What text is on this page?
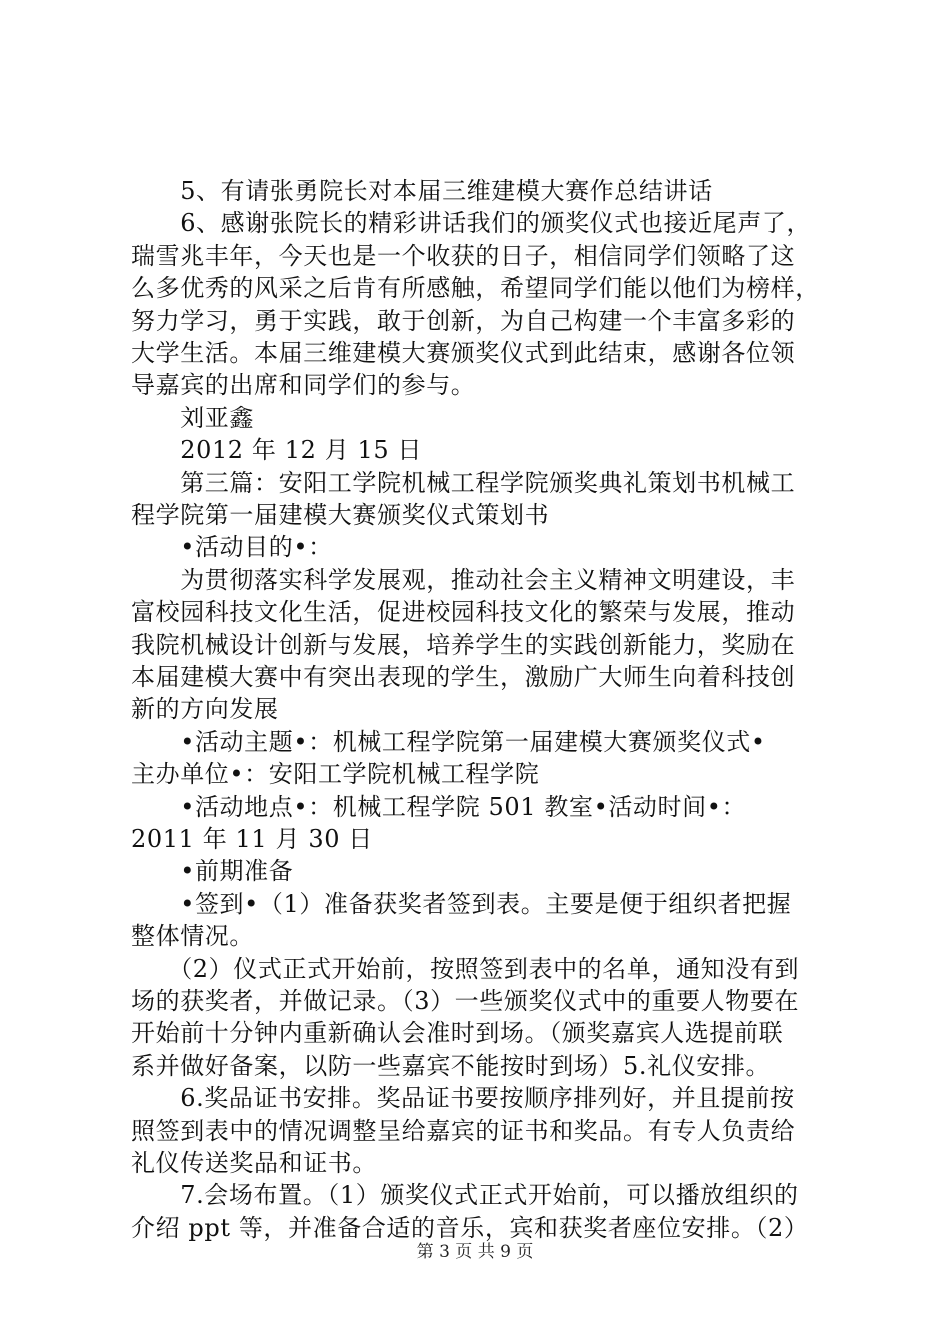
　　5、有请张勇院长对本届三维建模大赛作总结讲话
　　6、感谢张院长的精彩讲话我们的颁奖仪式也接近尾声了，
瑞雪兆丰年，今天也是一个收获的日子，相信同学们领略了这
么多优秀的风采之后肯有所感触，希望同学们能以他们为榜样，
努力学习，勇于实践，敢于创新，为自己构建一个丰富多彩的
大学生活。本届三维建模大赛颁奖仪式到此结束，感谢各位领
导嘉宾的出席和同学们的参与。
　　刘亚鑫
　　2012 年 12 月 15 日
　　第三篇：安阳工学院机械工程学院颁奖典礼策划书机械工
程学院第一届建模大赛颁奖仪式策划书
　　•活动目的•：
　　为贯彻落实科学发展观，推动社会主义精神文明建设，丰
富校园科技文化生活，促进校园科技文化的繁荣与发展，推动
我院机械设计创新与发展，培养学生的实践创新能力，奖励在
本届建模大赛中有突出表现的学生，激励广大师生向着科技创
新的方向发展
　　•活动主题•：机械工程学院第一届建模大赛颁奖仪式•
主办单位•：安阳工学院机械工程学院
　　•活动地点•：机械工程学院 501 教室•活动时间•：
2011 年 11 月 30 日
　　•前期准备
　　•签到•（1）准备获奖者签到表。主要是便于组织者把握
整体情况。
　　（2）仪式正式开始前，按照签到表中的名单，通知没有到
场的获奖者，并做记录。（3）一些颁奖仪式中的重要人物要在
开始前十分钟内重新确认会准时到场。（颁奖嘉宾人选提前联
系并做好备案，以防一些嘉宾不能按时到场）5.礼仪安排。
　　6.奖品证书安排。奖品证书要按顺序排列好，并且提前按
照签到表中的情况调整呈给嘉宾的证书和奖品。有专人负责给
礼仪传送奖品和证书。
　　7.会场布置。（1）颁奖仪式正式开始前，可以播放组织的
介绍 ppt 等，并准备合适的音乐，宾和获奖者座位安排。（2）
第 3 页 共 9 页
